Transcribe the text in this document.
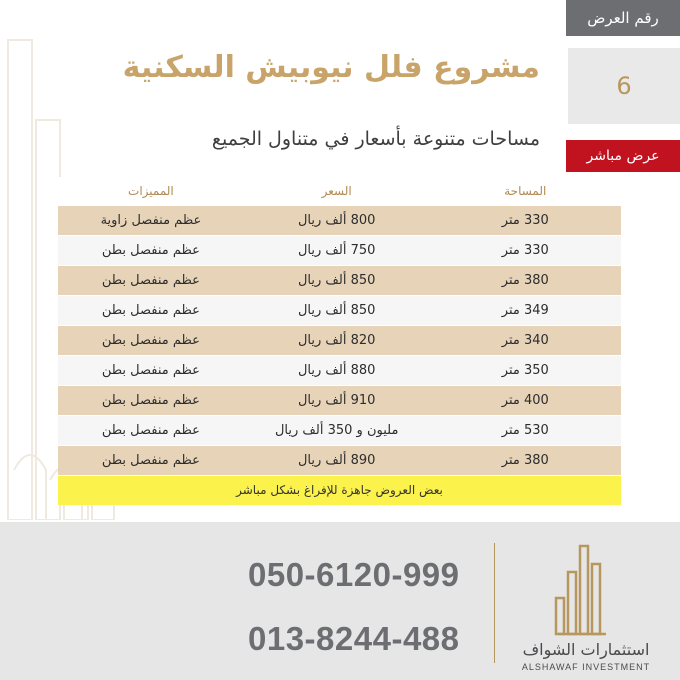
رقم العرض
6
عرض مباشر
مشروع فلل نيوبيش السكنية
مساحات متنوعة بأسعار في متناول الجميع
المساحة	السعر	المميزات
330 متر	800 ألف ريال	عظم منفصل زاوية
330 متر	750 ألف ريال	عظم منفصل بطن
380 متر	850 ألف ريال	عظم منفصل بطن
349 متر	850 ألف ريال	عظم منفصل بطن
340 متر	820 ألف ريال	عظم منفصل بطن
350 متر	880 ألف ريال	عظم منفصل بطن
400 متر	910 ألف ريال	عظم منفصل بطن
530 متر	مليون و 350 ألف ريال	عظم منفصل بطن
380 متر	890 ألف ريال	عظم منفصل بطن
بعض العروض جاهزة للإفراغ بشكل مباشر		
050-6120-999
013-8244-488	استثمارات الشواف
ALSHAWAF INVESTMENT
